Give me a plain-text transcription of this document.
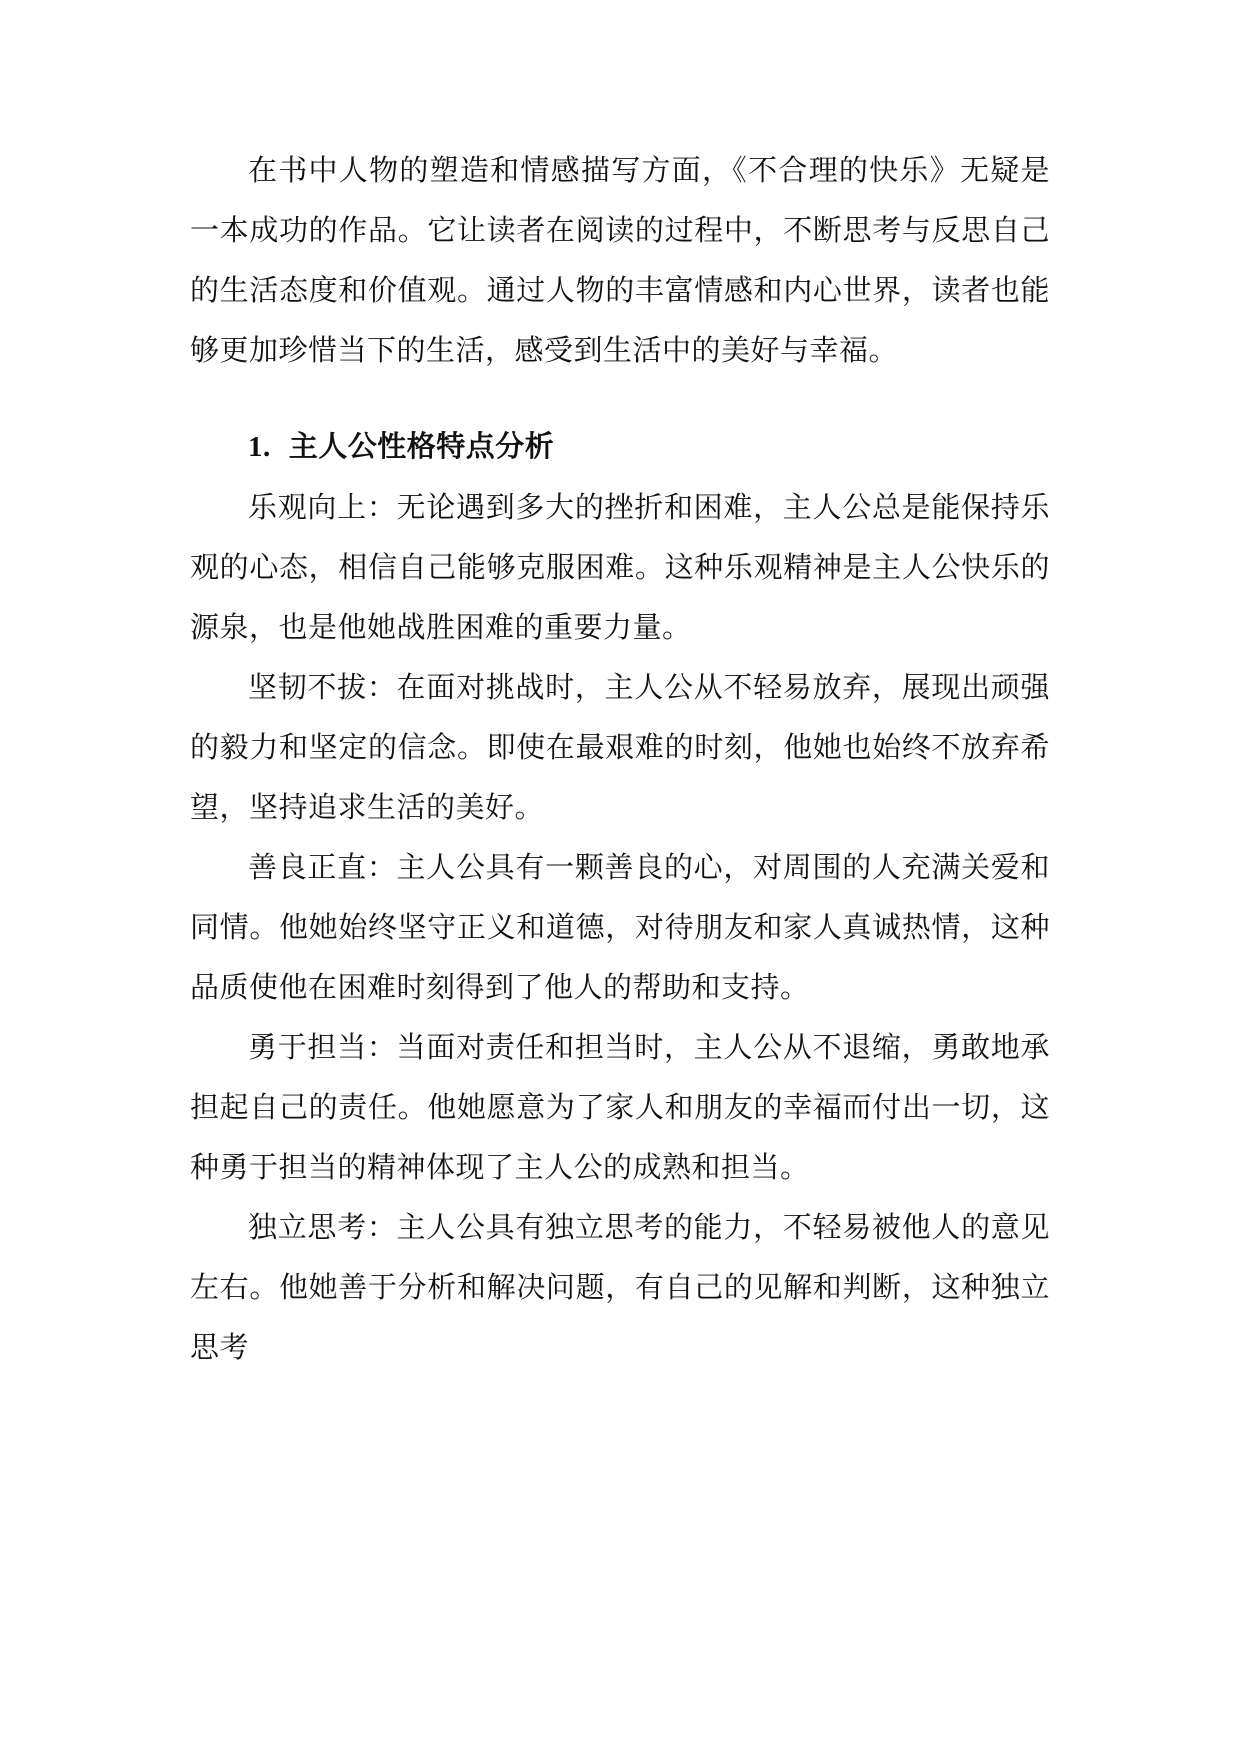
在书中人物的塑造和情感描写方面，《不合理的快乐》无疑是一本成功的作品。它让读者在阅读的过程中，不断思考与反思自己的生活态度和价值观。通过人物的丰富情感和内心世界，读者也能够更加珍惜当下的生活，感受到生活中的美好与幸福。

1. 主人公性格特点分析

乐观向上：无论遇到多大的挫折和困难，主人公总是能保持乐观的心态，相信自己能够克服困难。这种乐观精神是主人公快乐的源泉，也是他她战胜困难的重要力量。

坚韧不拔：在面对挑战时，主人公从不轻易放弃，展现出顽强的毅力和坚定的信念。即使在最艰难的时刻，他她也始终不放弃希望，坚持追求生活的美好。

善良正直：主人公具有一颗善良的心，对周围的人充满关爱和同情。他她始终坚守正义和道德，对待朋友和家人真诚热情，这种品质使他在困难时刻得到了他人的帮助和支持。

勇于担当：当面对责任和担当时，主人公从不退缩，勇敢地承担起自己的责任。他她愿意为了家人和朋友的幸福而付出一切，这种勇于担当的精神体现了主人公的成熟和担当。

独立思考：主人公具有独立思考的能力，不轻易被他人的意见左右。他她善于分析和解决问题，有自己的见解和判断，这种独立思考
